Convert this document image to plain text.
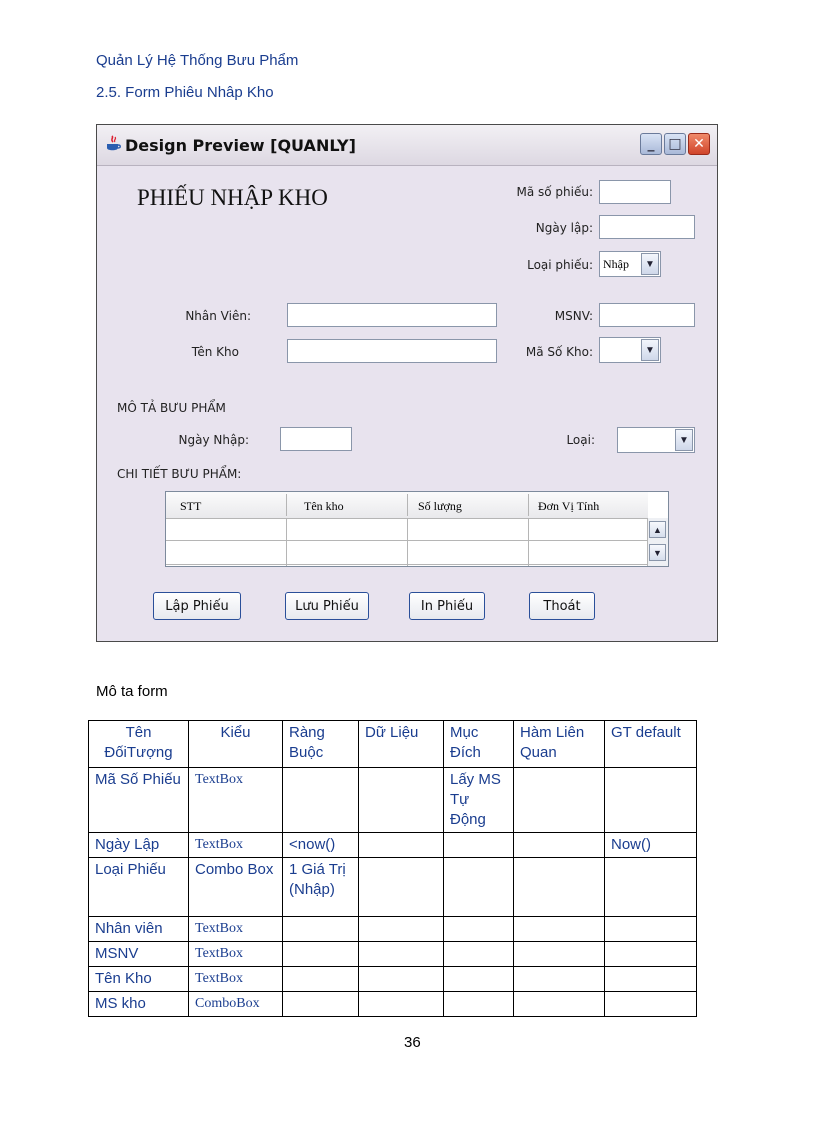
Quản Lý Hệ Thống Bưu Phẩm
2.5. Form Phiêu Nhâp Kho
Design Preview [QUANLY]	_ □ ✕
PHIẾU NHẬP KHO	Mã số phiếu:
Ngày lập:
Loại phiếu: Nhập	▼
Nhân Viên:	MSNV:
Tên Kho	Mã Số Kho:	▼
MÔ TẢ BƯU PHẨM
Ngày Nhập:	Loại:	▼
CHI TIẾT BƯU PHẨM:
STT	Tên kho	Số lượng	Đơn Vị Tính
▲
▼
Lập Phiếu	Lưu Phiếu	In Phiếu	Thoát
Mô ta form
Tên ĐốiTượng	Kiểu	Ràng Buộc	Dữ Liệu	Mục Đích	Hàm Liên Quan	GT default
Mã Số Phiếu	TextBox			Lấy MS Tự Động		
Ngày Lập	TextBox	<now()				Now()
Loại Phiếu	Combo Box	1 Giá Trị (Nhập)				
Nhân viên	TextBox					
MSNV	TextBox					
Tên Kho	TextBox					
MS kho	ComboBox					
36
